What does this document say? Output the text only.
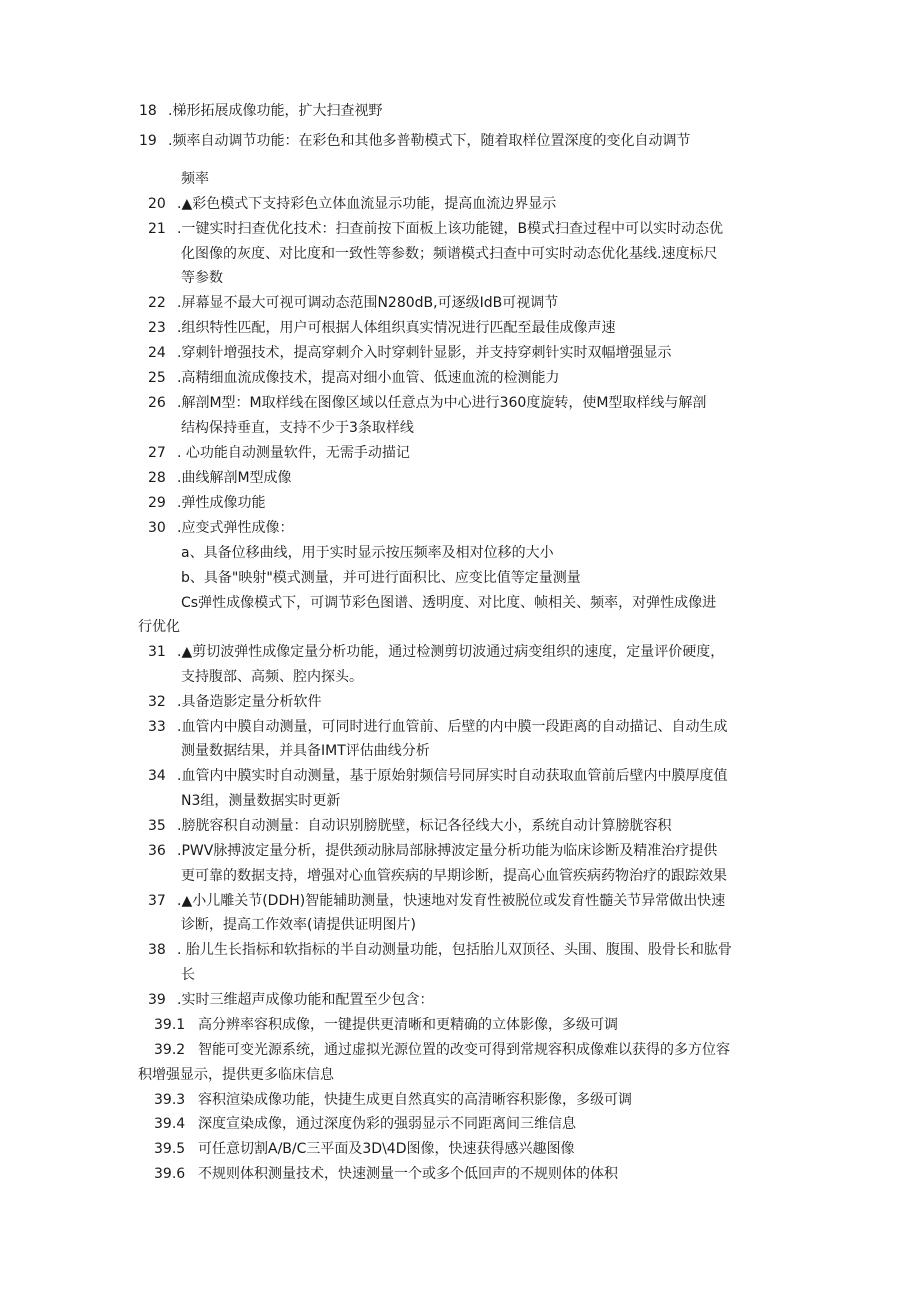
18 .梯形拓展成像功能，扩大扫查视野
19 .频率自动调节功能：在彩色和其他多普勒模式下，随着取样位置深度的变化自动调节
频率
20 .▲彩色模式下支持彩色立体血流显示功能，提高血流边界显示
21 .一键实时扫查优化技术：扫查前按下面板上该功能键，B模式扫查过程中可以实时动态优
化图像的灰度、对比度和一致性等参数；频谱模式扫查中可实时动态优化基线.速度标尺
等参数
22 .屏幕显不最大可视可调动态范围N280dB,可逐级IdB可视调节
23 .组织特性匹配，用户可根据人体组织真实情况进行匹配至最佳成像声速
24 .穿刺针增强技术，提高穿刺介入时穿刺针显影，并支持穿刺针实时双幅增强显示
25 .高精细血流成像技术，提高对细小血管、低速血流的检测能力
26 .解剖M型：M取样线在图像区域以任意点为中心进行360度旋转，使M型取样线与解剖
结构保持垂直，支持不少于3条取样线
27 . 心功能自动测量软件，无需手动描记
28 .曲线解剖M型成像
29 .弹性成像功能
30 .应变式弹性成像：
a、具备位移曲线，用于实时显示按压频率及相对位移的大小
b、具备"映射"模式测量，并可进行面积比、应变比值等定量测量
Cs弹性成像模式下，可调节彩色图谱、透明度、对比度、帧相关、频率，对弹性成像进
行优化
31 .▲剪切波弹性成像定量分析功能，通过检测剪切波通过病变组织的速度，定量评价硬度，
支持腹部、高频、腔内探头。
32 .具备造影定量分析软件
33 .血管内中膜自动测量，可同时进行血管前、后壁的内中膜一段距离的自动描记、自动生成
测量数据结果，并具备IMT评估曲线分析
34 .血管内中膜实时自动测量，基于原始射频信号同屏实时自动获取血管前后壁内中膜厚度值
N3组，测量数据实时更新
35 .膀胱容积自动测量：自动识别膀胱壁，标记各径线大小，系统自动计算膀胱容积
36 .PWV脉搏波定量分析，提供颈动脉局部脉搏波定量分析功能为临床诊断及精准治疗提供
更可靠的数据支持，增强对心血管疾病的早期诊断，提高心血管疾病药物治疗的跟踪效果
37 .▲小儿雕关节(DDH)智能辅助测量，快速地对发育性被脱位或发育性髓关节异常做出快速
诊断，提高工作效率(请提供证明图片)
38 . 胎儿生长指标和软指标的半自动测量功能，包括胎儿双顶径、头围、腹围、股骨长和肱骨
长
39 .实时三维超声成像功能和配置至少包含：
39.1 高分辨率容积成像，一键提供更清晰和更精确的立体影像，多级可调
39.2 智能可变光源系统，通过虚拟光源位置的改变可得到常规容积成像难以获得的多方位容
积增强显示，提供更多临床信息
39.3 容积渲染成像功能，快捷生成更自然真实的高清晰容积影像，多级可调
39.4 深度宣染成像，通过深度伪彩的强弱显示不同距离间三维信息
39.5 可任意切割A/B/C三平面及3D\4D图像，快速获得感兴趣图像
39.6 不规则体积测量技术，快速测量一个或多个低回声的不规则体的体积
